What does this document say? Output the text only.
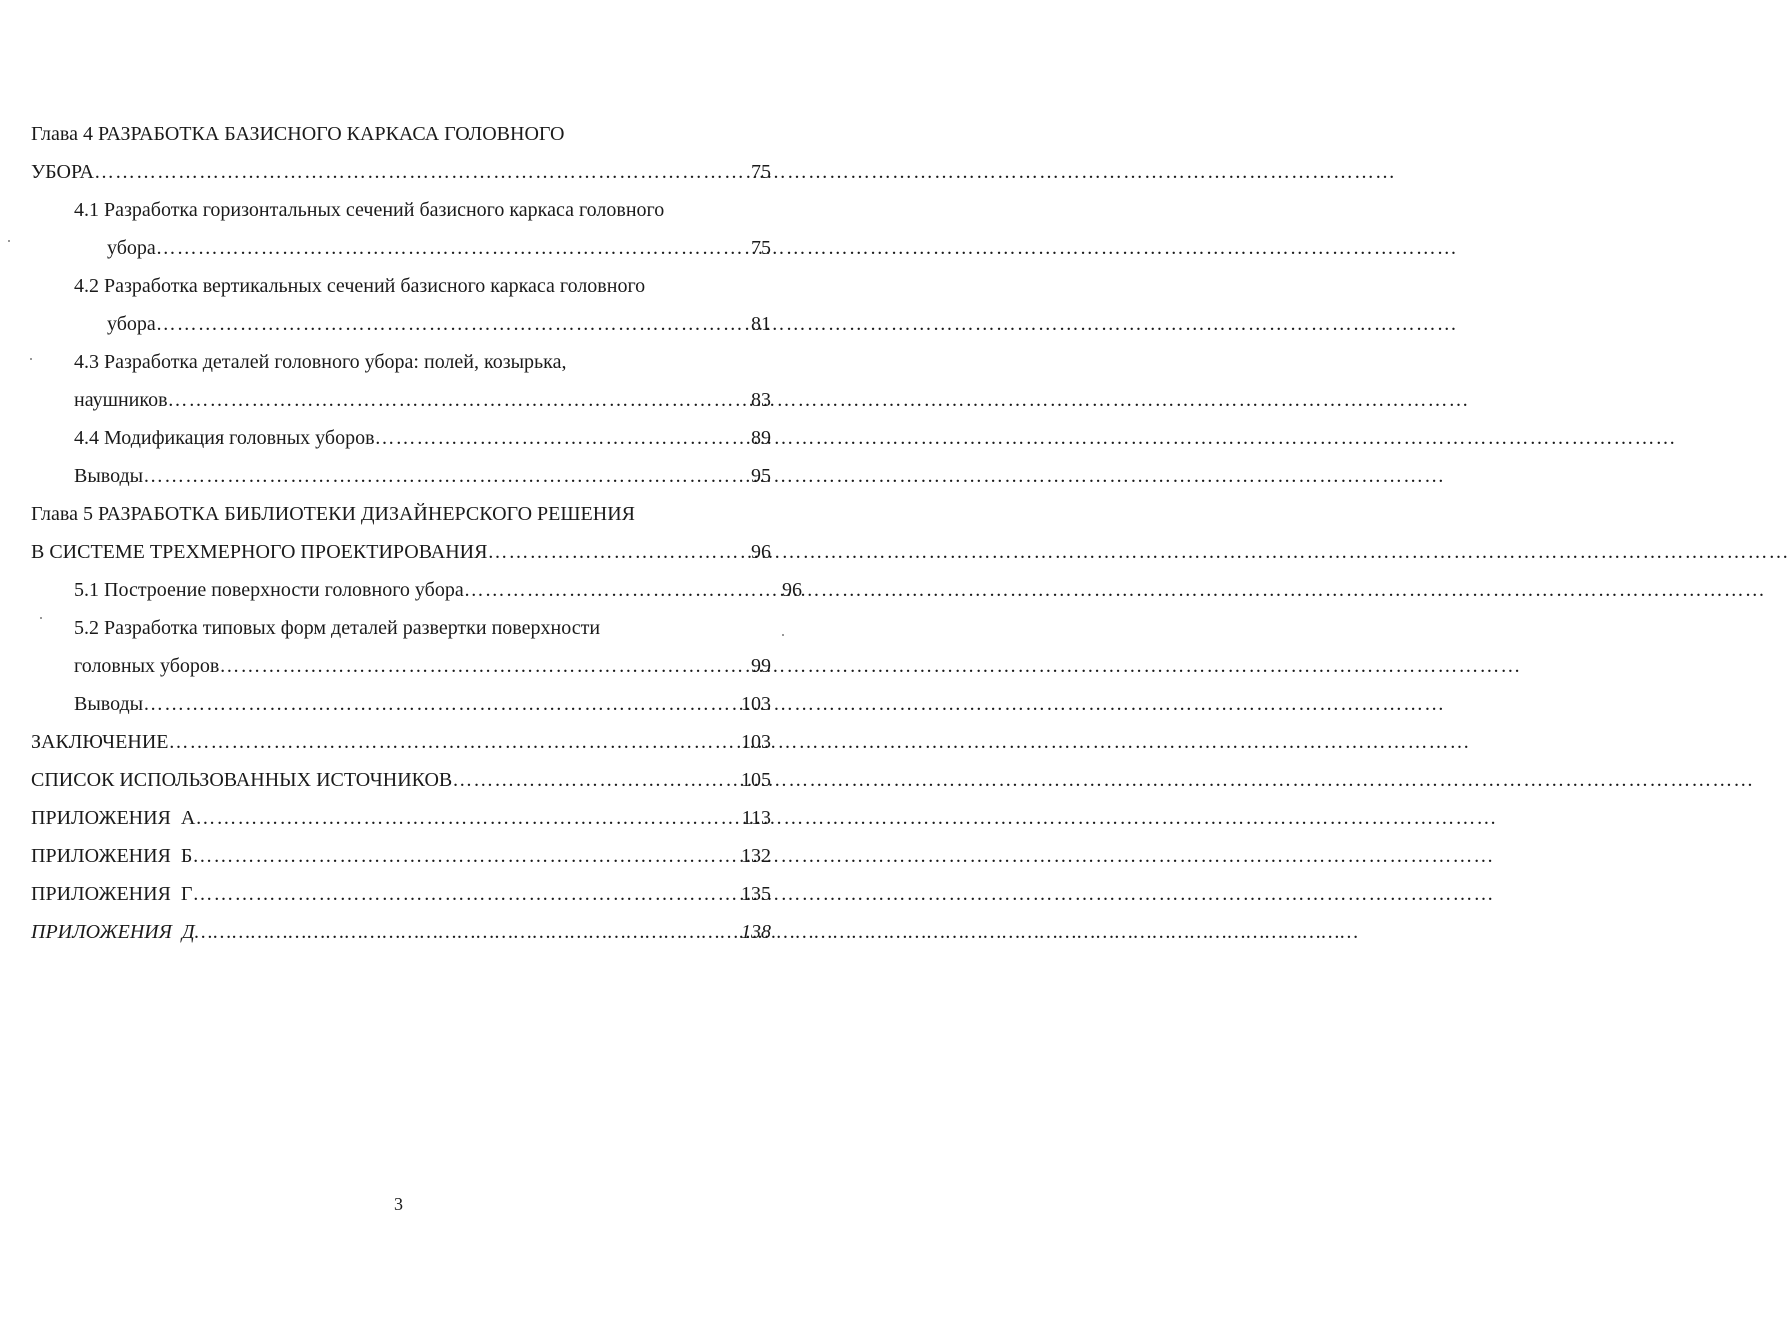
Глава 4 РАЗРАБОТКА БАЗИСНОГО КАРКАСА ГОЛОВНОГО
УБОРА ……………………………………………………………………………………………………………………………………………………………………	75
4.1 Разработка горизонтальных сечений базисного каркаса головного
убора ……………………………………………………………………………………………………………………………………………………………………	75
4.2 Разработка вертикальных сечений базисного каркаса головного
убора ……………………………………………………………………………………………………………………………………………………………………	81
4.3 Разработка деталей головного убора: полей, козырька,
наушников ……………………………………………………………………………………………………………………………………………………………………	83
4.4 Модификация головных уборов ……………………………………………………………………………………………………………………………………………………………………	89
Выводы ……………………………………………………………………………………………………………………………………………………………………	95
Глава 5 РАЗРАБОТКА БИБЛИОТЕКИ ДИЗАЙНЕРСКОГО РЕШЕНИЯ
В СИСТЕМЕ ТРЕХМЕРНОГО ПРОЕКТИРОВАНИЯ ……………………………………………………………………………………………………………………………………………………………………	96
5.1 Построение поверхности головного убора ……………………………………………………………………………………………………………………………………………………………………	96
5.2 Разработка типовых форм деталей развертки поверхности
головных уборов ……………………………………………………………………………………………………………………………………………………………………	99
Выводы ……………………………………………………………………………………………………………………………………………………………………	103
ЗАКЛЮЧЕНИЕ ……………………………………………………………………………………………………………………………………………………………………	103
СПИСОК ИСПОЛЬЗОВАННЫХ ИСТОЧНИКОВ ……………………………………………………………………………………………………………………………………………………………………	105
ПРИЛОЖЕНИЯ  А ……………………………………………………………………………………………………………………………………………………………………	113
ПРИЛОЖЕНИЯ  Б ……………………………………………………………………………………………………………………………………………………………………	132
ПРИЛОЖЕНИЯ  Г ……………………………………………………………………………………………………………………………………………………………………	135
ПРИЛОЖЕНИЯ  Д ……………………………………………………………………………………………………………………………………………………………………	138
3
